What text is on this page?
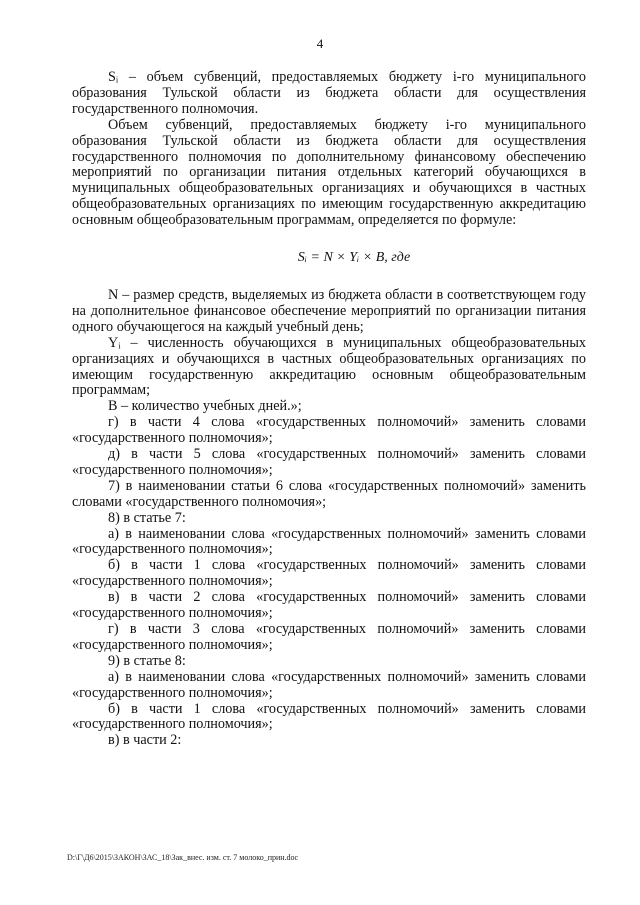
4

Sᵢ – объем субвенций, предоставляемых бюджету i-го муниципального образования Тульской области из бюджета области для осуществления государственного полномочия.

Объем субвенций, предоставляемых бюджету i-го муниципального образования Тульской области из бюджета области для осуществления государственного полномочия по дополнительному финансовому обеспечению мероприятий по организации питания отдельных категорий обучающихся в муниципальных общеобразовательных организациях и обучающихся в частных общеобразовательных организациях по имеющим государственную аккредитацию основным общеобразовательным программам, определяется по формуле:

Sᵢ = N × Yᵢ × B, где

N – размер средств, выделяемых из бюджета области в соответствующем году на дополнительное финансовое обеспечение мероприятий по организации питания одного обучающегося на каждый учебный день;

Yᵢ – численность обучающихся в муниципальных общеобразовательных организациях и обучающихся в частных общеобразовательных организациях по имеющим государственную аккредитацию основным общеобразовательным программам;

B – количество учебных дней.»;

г) в части 4 слова «государственных полномочий» заменить словами «государственного полномочия»;

д) в части 5 слова «государственных полномочий» заменить словами «государственного полномочия»;

7) в наименовании статьи 6 слова «государственных полномочий» заменить словами «государственного полномочия»;

8) в статье 7:

а) в наименовании слова «государственных полномочий» заменить словами «государственного полномочия»;

б) в части 1 слова «государственных полномочий» заменить словами «государственного полномочия»;

в) в части 2 слова «государственных полномочий» заменить словами «государственного полномочия»;

г) в части 3 слова «государственных полномочий» заменить словами «государственного полномочия»;

9) в статье 8:

а) в наименовании слова «государственных полномочий» заменить словами «государственного полномочия»;

б) в части 1 слова «государственных полномочий» заменить словами «государственного полномочия»;

в) в части 2:

D:\Г\Д6\2015\ЗАКОН\ЗАС_18\Зак_внес. изм. ст. 7 молоко_прин.doc
